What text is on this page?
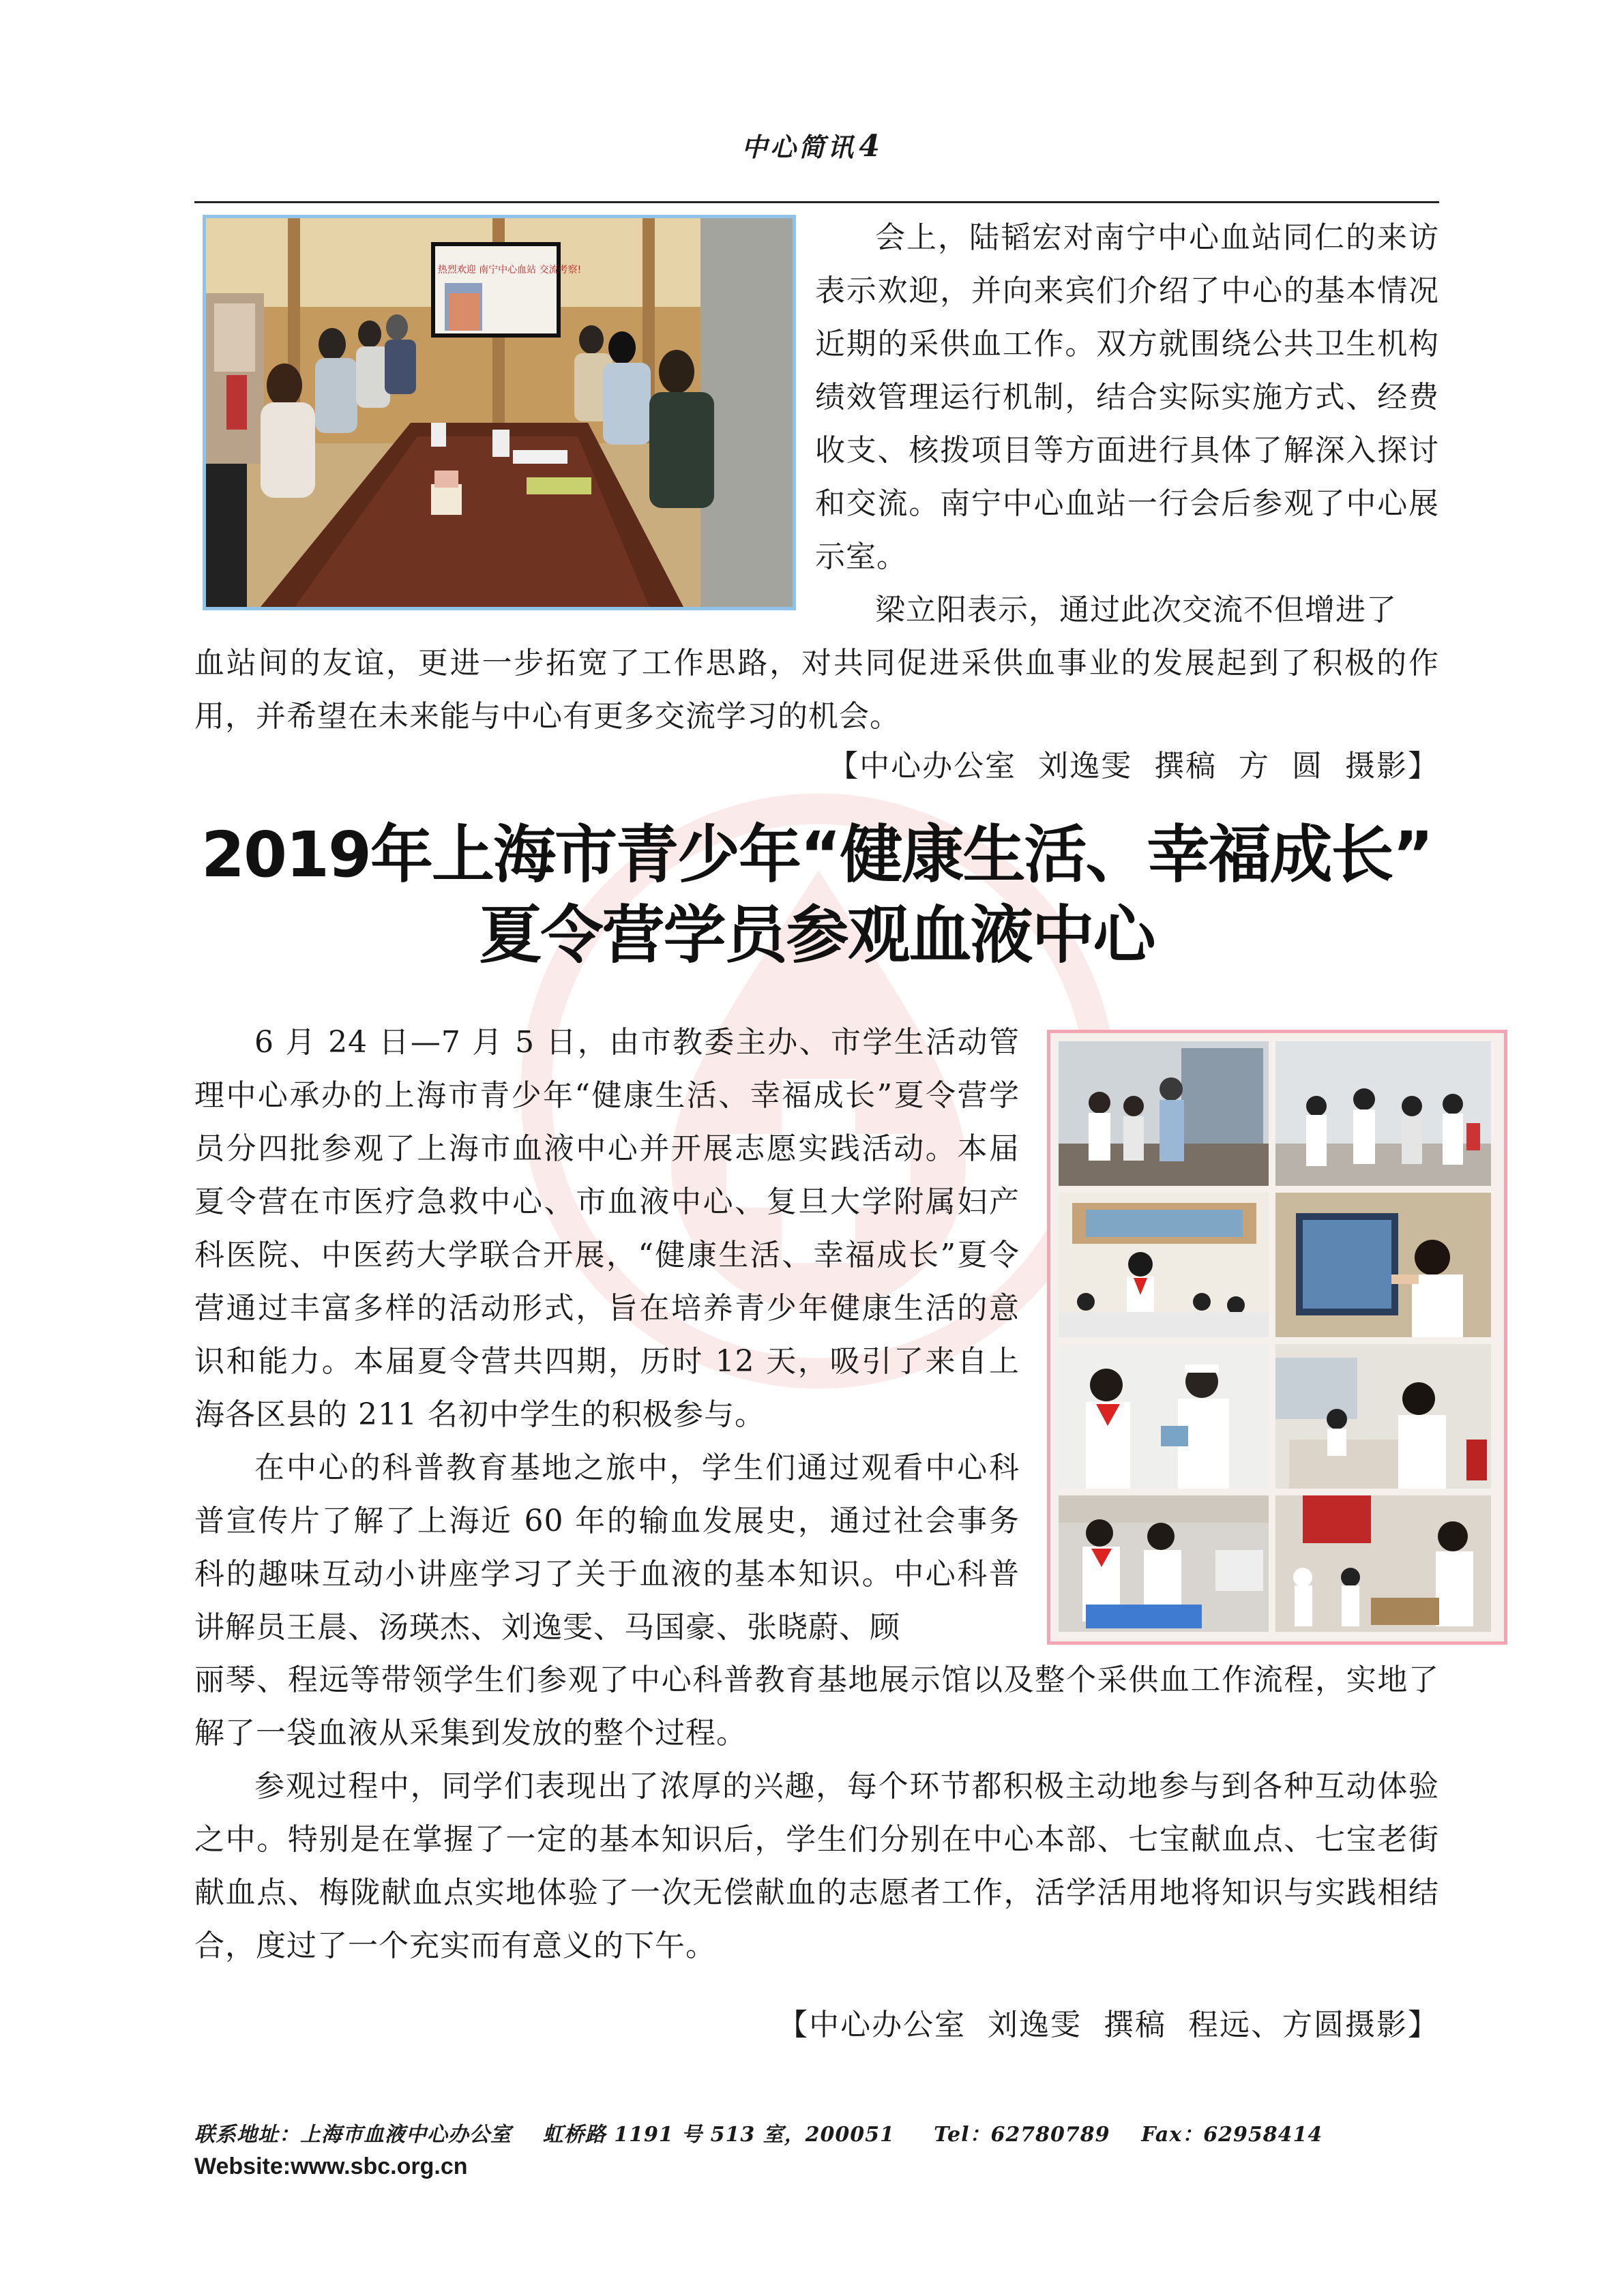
中心简讯4
热烈欢迎 南宁中心血站 交流考察!

会上，陆韬宏对南宁中心血站同仁的来访表示欢迎，并向来宾们介绍了中心的基本情况近期的采供血工作。双方就围绕公共卫生机构绩效管理运行机制，结合实际实施方式、经费收支、核拨项目等方面进行具体了解深入探讨和交流。南宁中心血站一行会后参观了中心展示室。

梁立阳表示，通过此次交流不但增进了

血站间的友谊，更进一步拓宽了工作思路，对共同促进采供血事业的发展起到了积极的作用，并希望在未来能与中心有更多交流学习的机会。

【中心办公室  刘逸雯  撰稿  方  圆  摄影】
2019年上海市青少年“健康生活、幸福成长”
夏令营学员参观血液中心

6 月 24 日—7 月 5 日，由市教委主办、市学生活动管理中心承办的上海市青少年“健康生活、幸福成长”夏令营学员分四批参观了上海市血液中心并开展志愿实践活动。本届夏令营在市医疗急救中心、市血液中心、复旦大学附属妇产科医院、中医药大学联合开展，“健康生活、幸福成长”夏令营通过丰富多样的活动形式，旨在培养青少年健康生活的意识和能力。本届夏令营共四期，历时 12 天，吸引了来自上海各区县的 211 名初中学生的积极参与。

在中心的科普教育基地之旅中，学生们通过观看中心科普宣传片了解了上海近 60 年的输血发展史，通过社会事务科的趣味互动小讲座学习了关于血液的基本知识。中心科普讲解员王晨、汤瑛杰、刘逸雯、马国豪、张晓蔚、顾

丽琴、程远等带领学生们参观了中心科普教育基地展示馆以及整个采供血工作流程，实地了解了一袋血液从采集到发放的整个过程。

参观过程中，同学们表现出了浓厚的兴趣，每个环节都积极主动地参与到各种互动体验之中。特别是在掌握了一定的基本知识后，学生们分别在中心本部、七宝献血点、七宝老街献血点、梅陇献血点实地体验了一次无偿献血的志愿者工作，活学活用地将知识与实践相结合，度过了一个充实而有意义的下午。

【中心办公室  刘逸雯  撰稿  程远、方圆摄影】
联系地址：上海市血液中心办公室    虹桥路 1191 号 513 室，200051     Tel：62780789    Fax：62958414
Website:www.sbc.org.cn
